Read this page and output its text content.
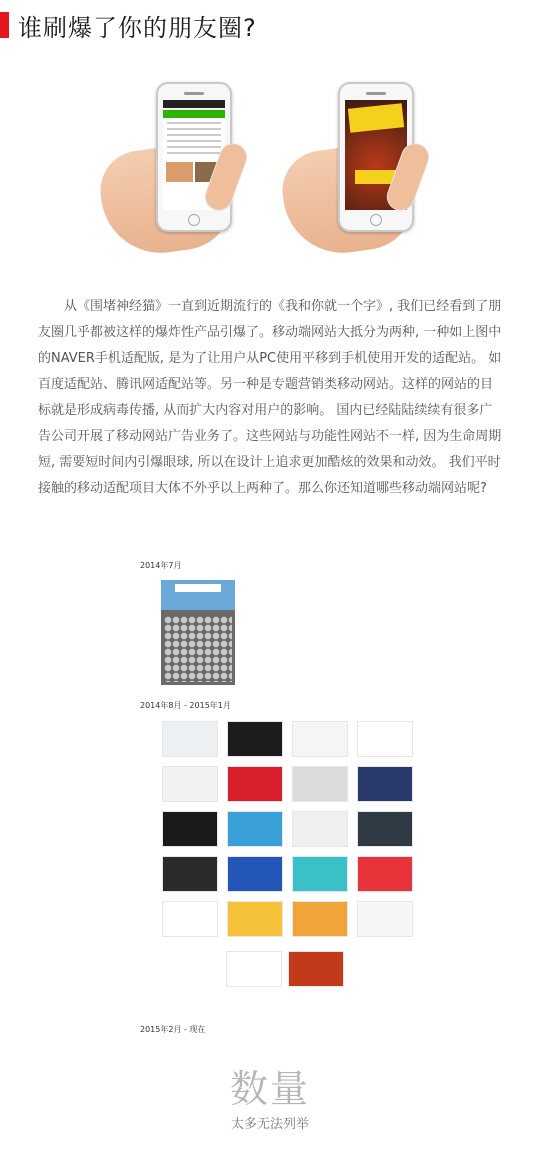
谁刷爆了你的朋友圈?

从《围堵神经猫》一直到近期流行的《我和你就一个字》, 我们已经看到了朋友圈几乎都被这样的爆炸性产品引爆了。移动端网站大抵分为两种, 一种如上图中的NAVER手机适配版, 是为了让用户从PC使用平移到手机使用开发的适配站。 如百度适配站、腾讯网适配站等。另一种是专题营销类移动网站。这样的网站的目标就是形成病毒传播, 从而扩大内容对用户的影响。 国内已经陆陆续续有很多广告公司开展了移动网站广告业务了。这些网站与功能性网站不一样, 因为生命周期短, 需要短时间内引爆眼球, 所以在设计上追求更加酷炫的效果和动效。 我们平时接触的移动适配项目大体不外乎以上两种了。那么你还知道哪些移动端网站呢?

2014年7月
2014年8月 - 2015年1月
2015年2月 - 现在
数量
太多无法列举
